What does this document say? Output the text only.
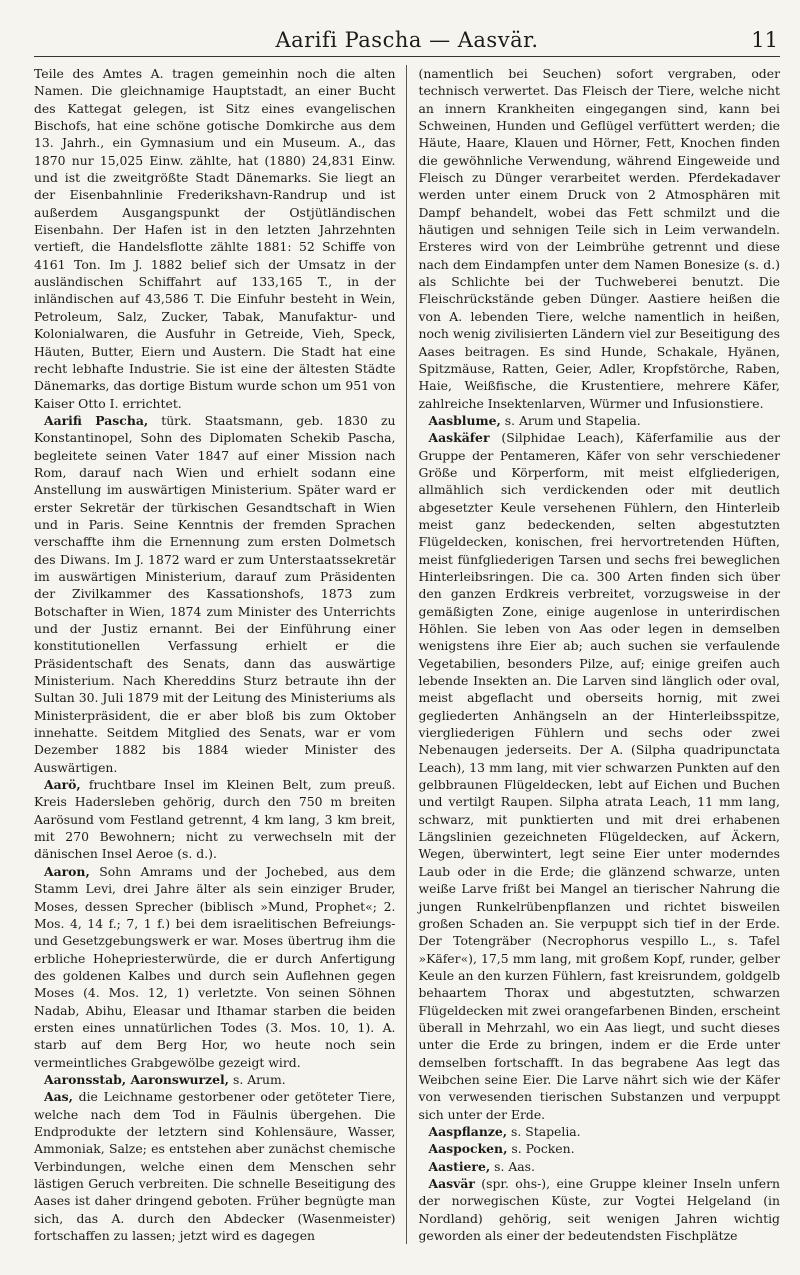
Aarifi Pascha — Aasvär.	11

Teile des Amtes A. tragen gemeinhin noch die alten Namen. Die gleichnamige Hauptstadt, an einer Bucht des Kattegat gelegen, ist Sitz eines evangelischen Bischofs, hat eine schöne gotische Domkirche aus dem 13. Jahrh., ein Gymnasium und ein Museum. A., das 1870 nur 15,025 Einw. zählte, hat (1880) 24,831 Einw. und ist die zweitgrößte Stadt Dänemarks. Sie liegt an der Eisenbahnlinie Frederikshavn-Randrup und ist außerdem Ausgangspunkt der Ostjütländischen Eisenbahn. Der Hafen ist in den letzten Jahrzehnten vertieft, die Handelsflotte zählte 1881: 52 Schiffe von 4161 Ton. Im J. 1882 belief sich der Umsatz in der ausländischen Schiffahrt auf 133,165 T., in der inländischen auf 43,586 T. Die Einfuhr besteht in Wein, Petroleum, Salz, Zucker, Tabak, Manufaktur- und Kolonialwaren, die Ausfuhr in Getreide, Vieh, Speck, Häuten, Butter, Eiern und Austern. Die Stadt hat eine recht lebhafte Industrie. Sie ist eine der ältesten Städte Dänemarks, das dortige Bistum wurde schon um 951 von Kaiser Otto I. errichtet.

Aarifi Pascha, türk. Staatsmann, geb. 1830 zu Konstantinopel, Sohn des Diplomaten Schekib Pascha, begleitete seinen Vater 1847 auf einer Mission nach Rom, darauf nach Wien und erhielt sodann eine Anstellung im auswärtigen Ministerium. Später ward er erster Sekretär der türkischen Gesandtschaft in Wien und in Paris. Seine Kenntnis der fremden Sprachen verschaffte ihm die Ernennung zum ersten Dolmetsch des Diwans. Im J. 1872 ward er zum Unterstaatssekretär im auswärtigen Ministerium, darauf zum Präsidenten der Zivilkammer des Kassationshofs, 1873 zum Botschafter in Wien, 1874 zum Minister des Unterrichts und der Justiz ernannt. Bei der Einführung einer konstitutionellen Verfassung erhielt er die Präsidentschaft des Senats, dann das auswärtige Ministerium. Nach Khereddins Sturz betraute ihn der Sultan 30. Juli 1879 mit der Leitung des Ministeriums als Ministerpräsident, die er aber bloß bis zum Oktober innehatte. Seitdem Mitglied des Senats, war er vom Dezember 1882 bis 1884 wieder Minister des Auswärtigen.

Aarö, fruchtbare Insel im Kleinen Belt, zum preuß. Kreis Hadersleben gehörig, durch den 750 m breiten Aarösund vom Festland getrennt, 4 km lang, 3 km breit, mit 270 Bewohnern; nicht zu verwechseln mit der dänischen Insel Aeroe (s. d.).

Aaron, Sohn Amrams und der Jochebed, aus dem Stamm Levi, drei Jahre älter als sein einziger Bruder, Moses, dessen Sprecher (biblisch »Mund, Prophet«; 2. Mos. 4, 14 f.; 7, 1 f.) bei dem israelitischen Befreiungs- und Gesetzgebungswerk er war. Moses übertrug ihm die erbliche Hohepriesterwürde, die er durch Anfertigung des goldenen Kalbes und durch sein Auflehnen gegen Moses (4. Mos. 12, 1) verletzte. Von seinen Söhnen Nadab, Abihu, Eleasar und Ithamar starben die beiden ersten eines unnatürlichen Todes (3. Mos. 10, 1). A. starb auf dem Berg Hor, wo heute noch sein vermeintliches Grabgewölbe gezeigt wird.

Aaronsstab, Aaronswurzel, s. Arum.

Aas, die Leichname gestorbener oder getöteter Tiere, welche nach dem Tod in Fäulnis übergehen. Die Endprodukte der letztern sind Kohlensäure, Wasser, Ammoniak, Salze; es entstehen aber zunächst chemische Verbindungen, welche einen dem Menschen sehr lästigen Geruch verbreiten. Die schnelle Beseitigung des Aases ist daher dringend geboten. Früher begnügte man sich, das A. durch den Abdecker (Wasenmeister) fortschaffen zu lassen; jetzt wird es dagegen

(namentlich bei Seuchen) sofort vergraben, oder technisch verwertet. Das Fleisch der Tiere, welche nicht an innern Krankheiten eingegangen sind, kann bei Schweinen, Hunden und Geflügel verfüttert werden; die Häute, Haare, Klauen und Hörner, Fett, Knochen finden die gewöhnliche Verwendung, während Eingeweide und Fleisch zu Dünger verarbeitet werden. Pferdekadaver werden unter einem Druck von 2 Atmosphären mit Dampf behandelt, wobei das Fett schmilzt und die häutigen und sehnigen Teile sich in Leim verwandeln. Ersteres wird von der Leimbrühe getrennt und diese nach dem Eindampfen unter dem Namen Bonesize (s. d.) als Schlichte bei der Tuchweberei benutzt. Die Fleischrückstände geben Dünger. Aastiere heißen die von A. lebenden Tiere, welche namentlich in heißen, noch wenig zivilisierten Ländern viel zur Beseitigung des Aases beitragen. Es sind Hunde, Schakale, Hyänen, Spitzmäuse, Ratten, Geier, Adler, Kropfstörche, Raben, Haie, Weißfische, die Krustentiere, mehrere Käfer, zahlreiche Insektenlarven, Würmer und Infusionstiere.

Aasblume, s. Arum und Stapelia.

Aaskäfer (Silphidae Leach), Käferfamilie aus der Gruppe der Pentameren, Käfer von sehr verschiedener Größe und Körperform, mit meist elfgliederigen, allmählich sich verdickenden oder mit deutlich abgesetzter Keule versehenen Fühlern, den Hinterleib meist ganz bedeckenden, selten abgestutzten Flügeldecken, konischen, frei hervortretenden Hüften, meist fünfgliederigen Tarsen und sechs frei beweglichen Hinterleibsringen. Die ca. 300 Arten finden sich über den ganzen Erdkreis verbreitet, vorzugsweise in der gemäßigten Zone, einige augenlose in unterirdischen Höhlen. Sie leben von Aas oder legen in demselben wenigstens ihre Eier ab; auch suchen sie verfaulende Vegetabilien, besonders Pilze, auf; einige greifen auch lebende Insekten an. Die Larven sind länglich oder oval, meist abgeflacht und oberseits hornig, mit zwei gegliederten Anhängseln an der Hinterleibsspitze, viergliederigen Fühlern und sechs oder zwei Nebenaugen jederseits. Der A. (Silpha quadripunctata Leach), 13 mm lang, mit vier schwarzen Punkten auf den gelbbraunen Flügeldecken, lebt auf Eichen und Buchen und vertilgt Raupen. Silpha atrata Leach, 11 mm lang, schwarz, mit punktierten und mit drei erhabenen Längslinien gezeichneten Flügeldecken, auf Äckern, Wegen, überwintert, legt seine Eier unter moderndes Laub oder in die Erde; die glänzend schwarze, unten weiße Larve frißt bei Mangel an tierischer Nahrung die jungen Runkelrübenpflanzen und richtet bisweilen großen Schaden an. Sie verpuppt sich tief in der Erde. Der Totengräber (Necrophorus vespillo L., s. Tafel »Käfer«), 17,5 mm lang, mit großem Kopf, runder, gelber Keule an den kurzen Fühlern, fast kreisrundem, goldgelb behaartem Thorax und abgestutzten, schwarzen Flügeldecken mit zwei orangefarbenen Binden, erscheint überall in Mehrzahl, wo ein Aas liegt, und sucht dieses unter die Erde zu bringen, indem er die Erde unter demselben fortschafft. In das begrabene Aas legt das Weibchen seine Eier. Die Larve nährt sich wie der Käfer von verwesenden tierischen Substanzen und verpuppt sich unter der Erde.

Aaspflanze, s. Stapelia.

Aaspocken, s. Pocken.

Aastiere, s. Aas.

Aasvär (spr. ohs-), eine Gruppe kleiner Inseln unfern der norwegischen Küste, zur Vogtei Helgeland (in Nordland) gehörig, seit wenigen Jahren wichtig geworden als einer der bedeutendsten Fischplätze
